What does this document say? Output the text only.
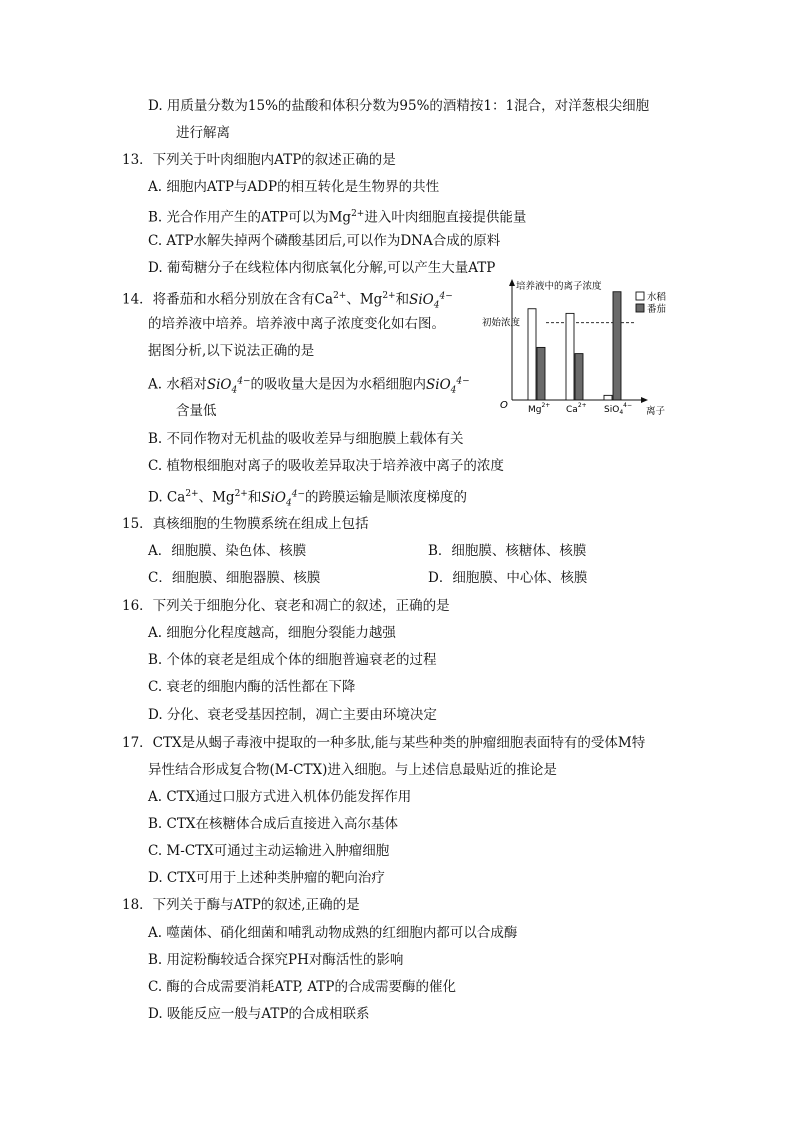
D. 用质量分数为15%的盐酸和体积分数为95%的酒精按1：1混合，对洋葱根尖细胞
进行解离
13．下列关于叶肉细胞内ATP的叙述正确的是
A. 细胞内ATP与ADP的相互转化是生物界的共性
B. 光合作用产生的ATP可以为$Mg^{2+}$进入叶肉细胞直接提供能量
C. ATP水解失掉两个磷酸基团后,可以作为DNA合成的原料
D. 葡萄糖分子在线粒体内彻底氧化分解,可以产生大量ATP
14．将番茄和水稻分别放在含有$Ca^{2+}$、$Mg^{2+}$和SiO$_4^{4-}$
的培养液中培养。培养液中离子浓度变化如右图。
据图分析,以下说法正确的是
A. 水稻对SiO$_4^{4-}$的吸收量大是因为水稻细胞内SiO$_4^{4-}$
含量低
B. 不同作物对无机盐的吸收差异与细胞膜上载体有关
C. 植物根细胞对离子的吸收差异取决于培养液中离子的浓度
D. $Ca^{2+}$、$Mg^{2+}$和SiO$_4^{4-}$的跨膜运输是顺浓度梯度的
培养液中的离子浓度
O
离子
初始浓度
$Mg^{2+}$ $Ca^{2+}$ SiO$_4^{4-}$
水稻
番茄
15．真核细胞的生物膜系统在组成上包括
A．细胞膜、染色体、核膜	B．细胞膜、核糖体、核膜
C．细胞膜、细胞器膜、核膜	D．细胞膜、中心体、核膜
16．下列关于细胞分化、衰老和凋亡的叙述，正确的是
A. 细胞分化程度越高，细胞分裂能力越强
B. 个体的衰老是组成个体的细胞普遍衰老的过程
C. 衰老的细胞内酶的活性都在下降
D. 分化、衰老受基因控制，凋亡主要由环境决定
17．CTX是从蝎子毒液中提取的一种多肽,能与某些种类的肿瘤细胞表面特有的受体M特
异性结合形成复合物(M-CTX)进入细胞。与上述信息最贴近的推论是
A. CTX通过口服方式进入机体仍能发挥作用
B. CTX在核糖体合成后直接进入高尔基体
C. M-CTX可通过主动运输进入肿瘤细胞
D. CTX可用于上述种类肿瘤的靶向治疗
18．下列关于酶与ATP的叙述,正确的是
A. 噬菌体、硝化细菌和哺乳动物成熟的红细胞内都可以合成酶
B. 用淀粉酶较适合探究PH对酶活性的影响
C. 酶的合成需要消耗ATP, ATP的合成需要酶的催化
D. 吸能反应一般与ATP的合成相联系
